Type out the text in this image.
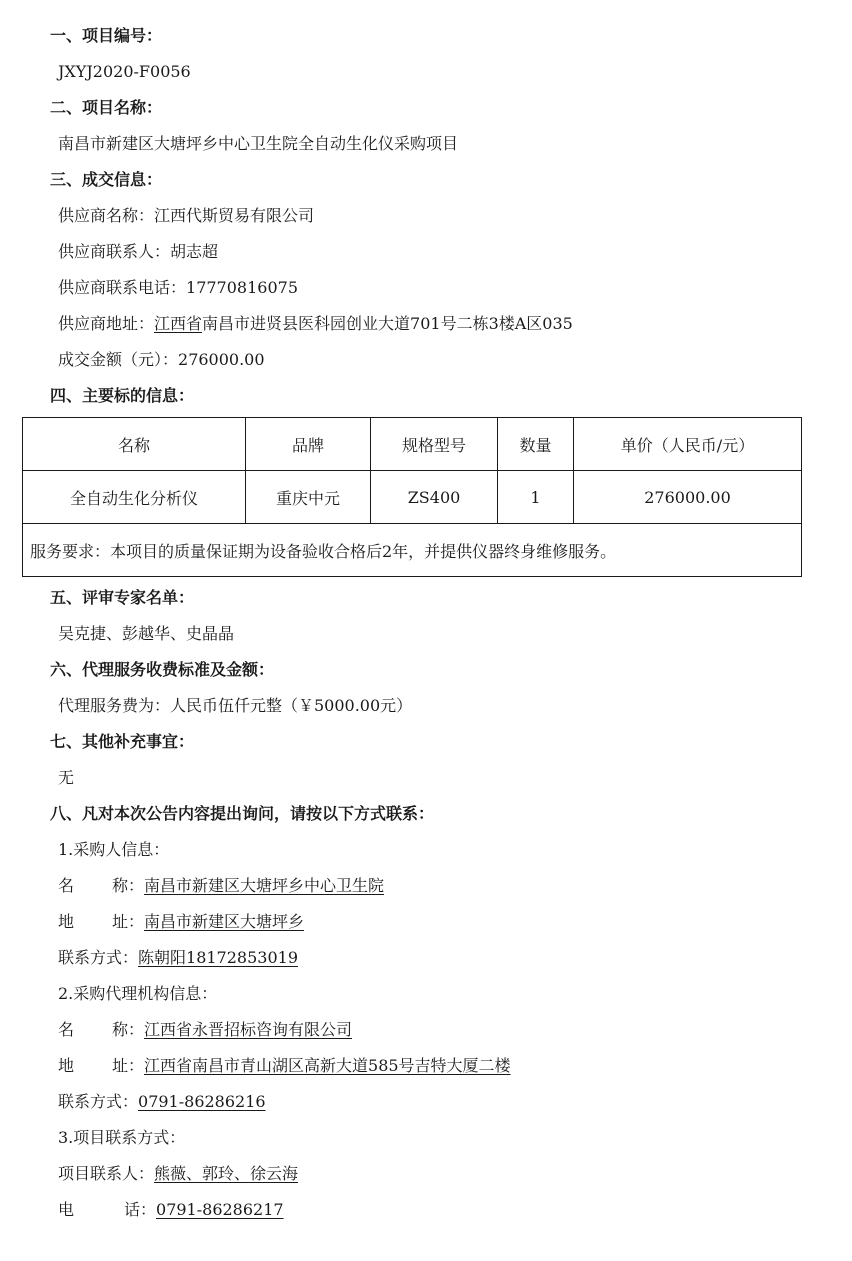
一、项目编号：
JXYJ2020-F0056
二、项目名称：
南昌市新建区大塘坪乡中心卫生院全自动生化仪采购项目
三、成交信息：
供应商名称：江西代斯贸易有限公司
供应商联系人：胡志超
供应商联系电话：17770816075
供应商地址：江西省南昌市进贤县医科园创业大道701号二栋3楼A区035
成交金额（元）：276000.00
四、主要标的信息：
名称	品牌	规格型号	数量	单价（人民币/元）
全自动生化分析仪	重庆中元	ZS400	1	276000.00
服务要求：本项目的质量保证期为设备验收合格后2年，并提供仪器终身维修服务。				
五、评审专家名单：
吴克捷、彭越华、史晶晶
六、代理服务收费标准及金额：
代理服务费为：人民币伍仟元整（￥5000.00元）
七、其他补充事宜：
无
八、凡对本次公告内容提出询问，请按以下方式联系：
1.采购人信息：
名 称：南昌市新建区大塘坪乡中心卫生院
地 址：南昌市新建区大塘坪乡
联系方式：陈朝阳18172853019
2.采购代理机构信息：
名 称：江西省永晋招标咨询有限公司
地 址：江西省南昌市青山湖区高新大道585号吉特大厦二楼
联系方式：0791-86286216
3.项目联系方式：
项目联系人：熊薇、郭玲、徐云海
电	话：0791-86286217
